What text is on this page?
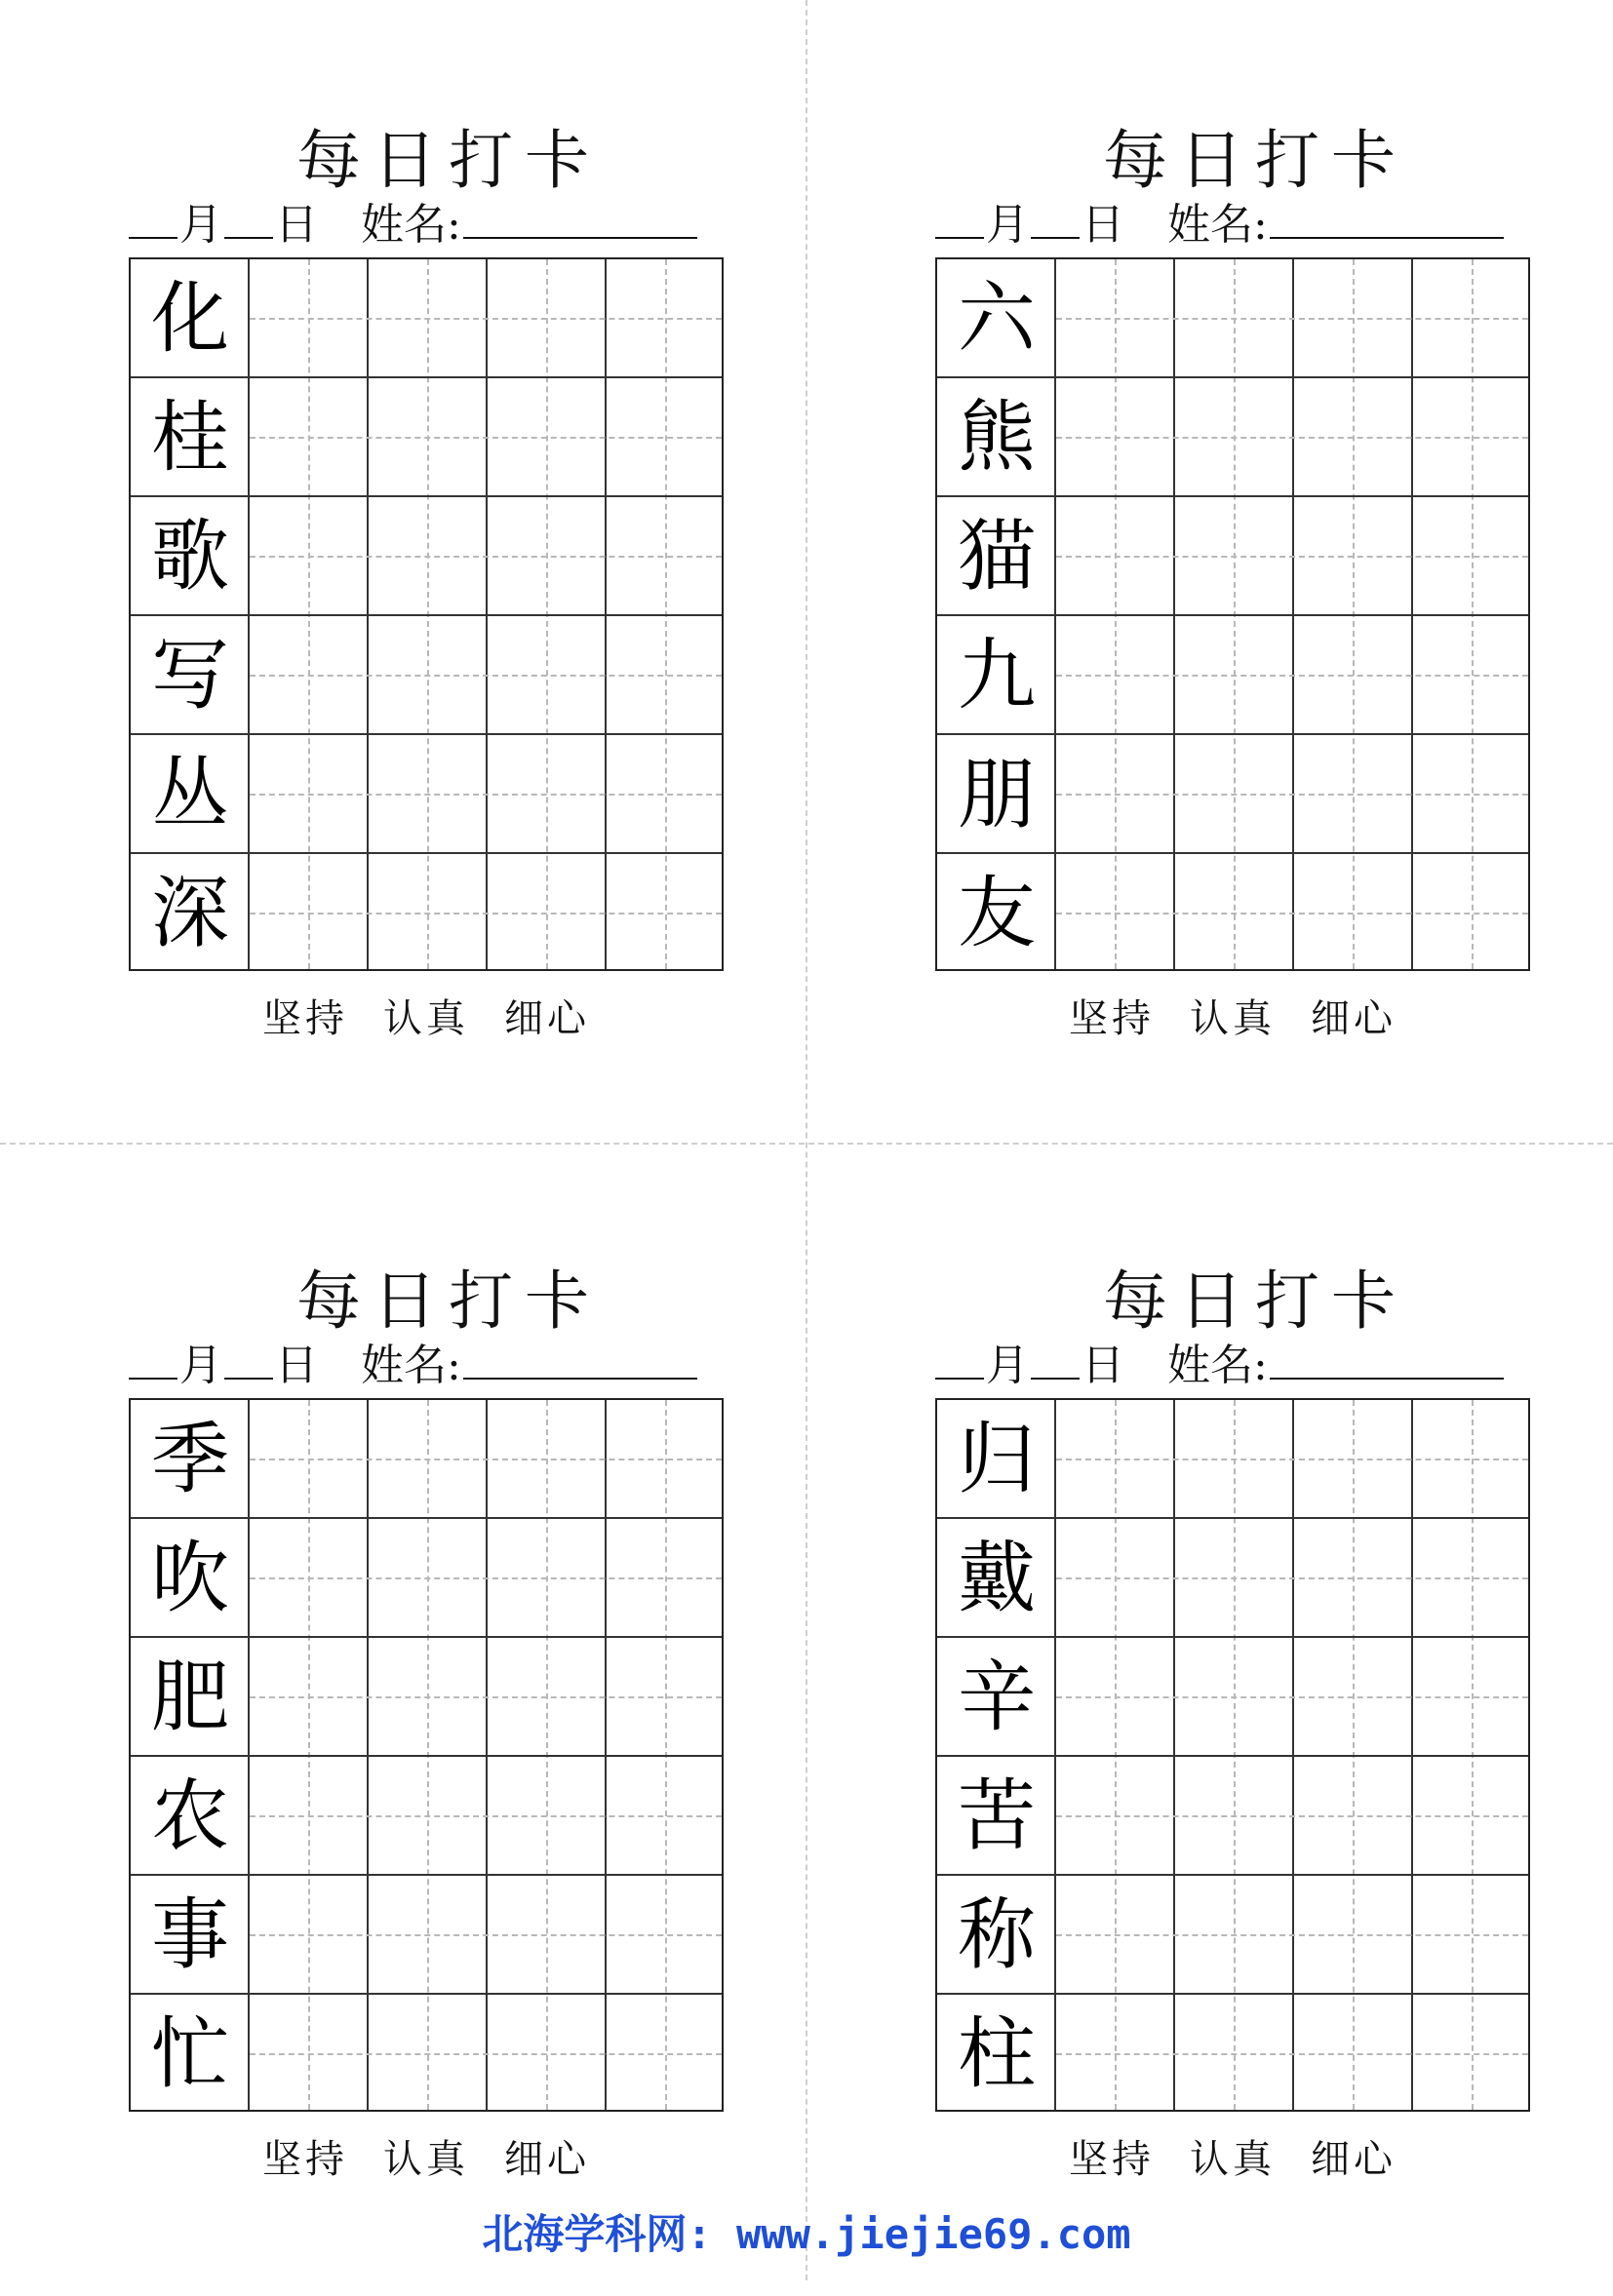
每日打卡
月 日 姓名:
化
桂
歌
写
丛
深
坚持 认真 细心
每日打卡
月 日 姓名:
六
熊
猫
九
朋
友
坚持 认真 细心
每日打卡
月 日 姓名:
季
吹
肥
农
事
忙
坚持 认真 细心
每日打卡
月 日 姓名:
归
戴
辛
苦
称
柱
坚持 认真 细心
北海学科网: www.jiejie69.com
